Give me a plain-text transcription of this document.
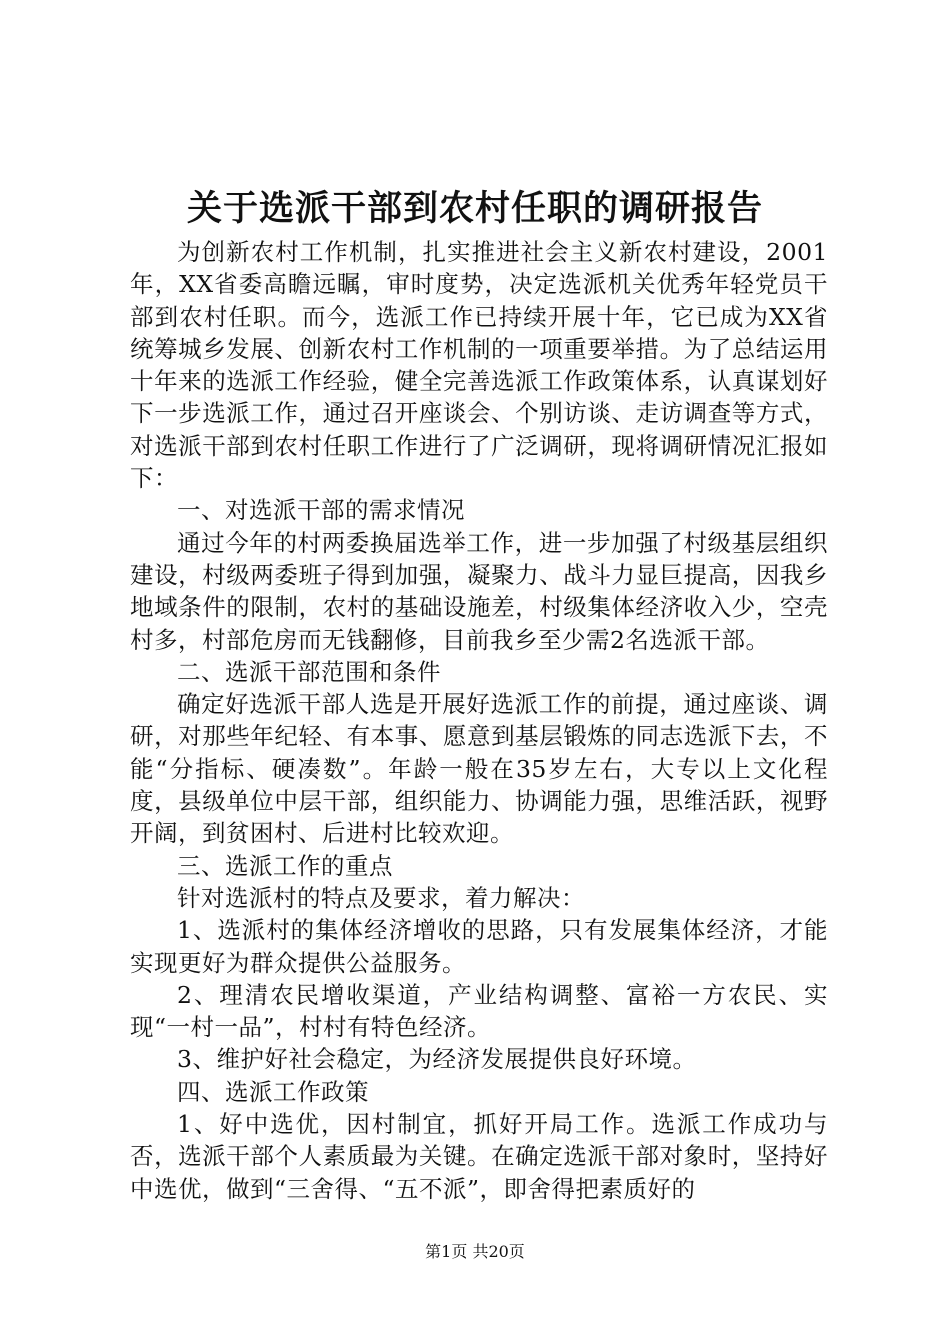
关于选派干部到农村任职的调研报告

为创新农村工作机制，扎实推进社会主义新农村建设，2001年，XX省委高瞻远瞩，审时度势，决定选派机关优秀年轻党员干部到农村任职。而今，选派工作已持续开展十年，它已成为XX省统筹城乡发展、创新农村工作机制的一项重要举措。为了总结运用十年来的选派工作经验，健全完善选派工作政策体系，认真谋划好下一步选派工作，通过召开座谈会、个别访谈、走访调查等方式，对选派干部到农村任职工作进行了广泛调研，现将调研情况汇报如下：

一、对选派干部的需求情况

通过今年的村两委换届选举工作，进一步加强了村级基层组织建设，村级两委班子得到加强，凝聚力、战斗力显巨提高，因我乡地域条件的限制，农村的基础设施差，村级集体经济收入少，空壳村多，村部危房而无钱翻修，目前我乡至少需2名选派干部。

二、选派干部范围和条件

确定好选派干部人选是开展好选派工作的前提，通过座谈、调研，对那些年纪轻、有本事、愿意到基层锻炼的同志选派下去，不能“分指标、硬凑数”。年龄一般在35岁左右，大专以上文化程度，县级单位中层干部，组织能力、协调能力强，思维活跃，视野开阔，到贫困村、后进村比较欢迎。

三、选派工作的重点

针对选派村的特点及要求，着力解决：

1、选派村的集体经济增收的思路，只有发展集体经济，才能实现更好为群众提供公益服务。

2、理清农民增收渠道，产业结构调整、富裕一方农民、实现“一村一品”，村村有特色经济。

3、维护好社会稳定，为经济发展提供良好环境。

四、选派工作政策

1、好中选优，因村制宜，抓好开局工作。选派工作成功与否，选派干部个人素质最为关键。在确定选派干部对象时，坚持好中选优，做到“三舍得、“五不派”，即舍得把素质好的

第1页 共20页
